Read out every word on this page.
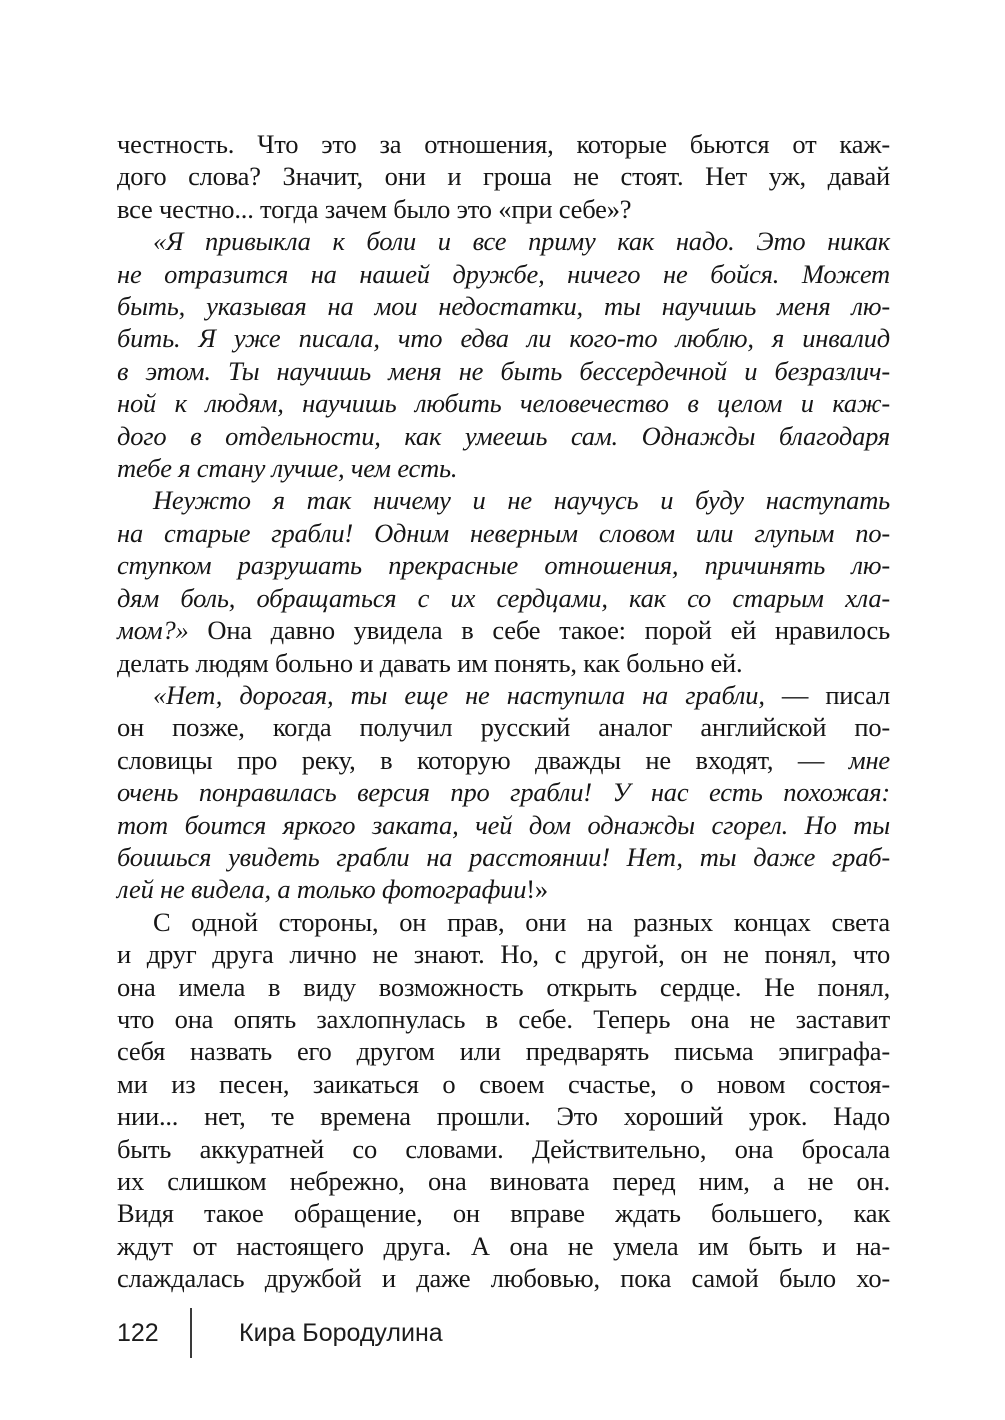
честность. Что это за отношения, которые бьются от каж-
дого слова? Значит, они и гроша не стоят. Нет уж, давай
все честно... тогда зачем было это «при себе»?
«Я привыкла к боли и все приму как надо. Это никак
не отразится на нашей дружбе, ничего не бойся. Может
быть, указывая на мои недостатки, ты научишь меня лю-
бить. Я уже писала, что едва ли кого-то люблю, я инвалид
в этом. Ты научишь меня не быть бессердечной и безразлич-
ной к людям, научишь любить человечество в целом и каж-
дого в отдельности, как умеешь сам. Однажды благодаря
тебе я стану лучше, чем есть.
Неужто я так ничему и не научусь и буду наступать
на старые грабли! Одним неверным словом или глупым по-
ступком разрушать прекрасные отношения, причинять лю-
дям боль, обращаться с их сердцами, как со старым хла-
мом?» Она давно увидела в себе такое: порой ей нравилось
делать людям больно и давать им понять, как больно ей.
«Нет, дорогая, ты еще не наступила на грабли, — писал
он позже, когда получил русский аналог английской по-
словицы про реку, в которую дважды не входят, — мне
очень понравилась версия про грабли! У нас есть похожая:
тот боится яркого заката, чей дом однажды сгорел. Но ты
боишься увидеть грабли на расстоянии! Нет, ты даже граб-
лей не видела, а только фотографии!»
С одной стороны, он прав, они на разных концах света
и друг друга лично не знают. Но, с другой, он не понял, что
она имела в виду возможность открыть сердце. Не понял,
что она опять захлопнулась в себе. Теперь она не заставит
себя назвать его другом или предварять письма эпиграфа-
ми из песен, заикаться о своем счастье, о новом состоя-
нии... нет, те времена прошли. Это хороший урок. Надо
быть аккуратней со словами. Действительно, она бросала
их слишком небрежно, она виновата перед ним, а не он.
Видя такое обращение, он вправе ждать большего, как
ждут от настоящего друга. А она не умела им быть и на-
слаждалась дружбой и даже любовью, пока самой было хо-
122	Кира Бородулина
